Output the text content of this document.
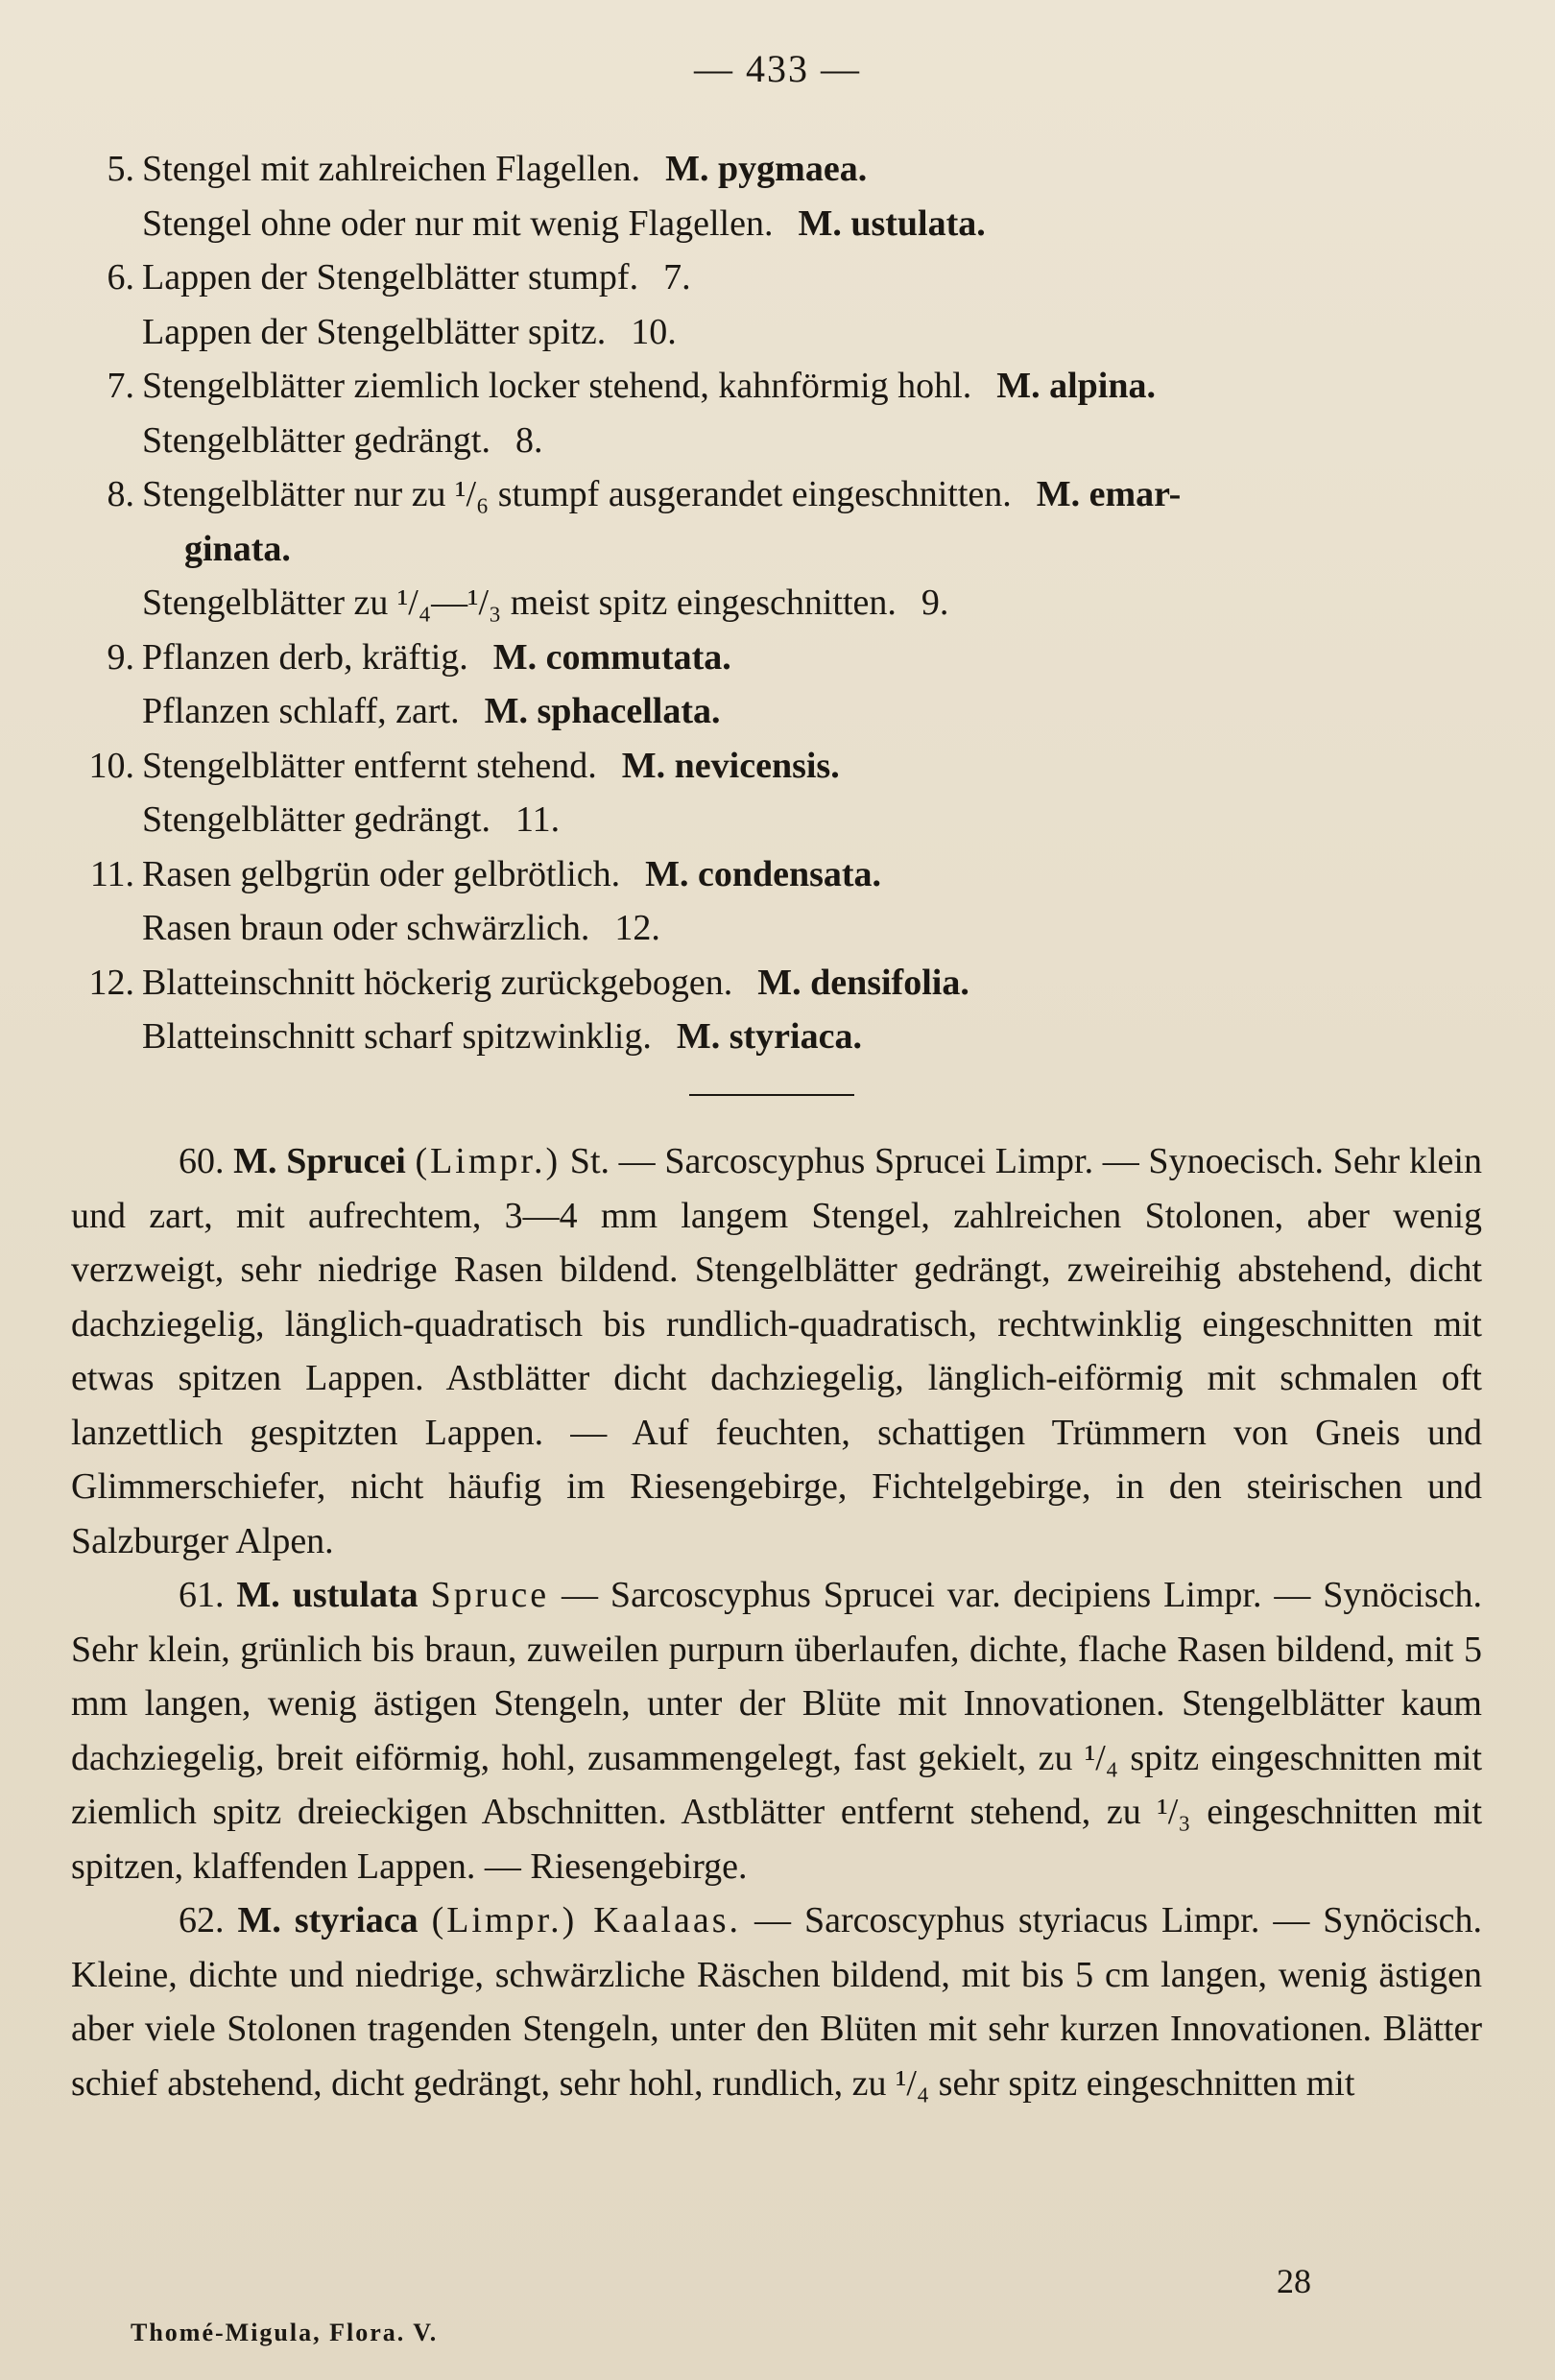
— 433 —
5. Stengel mit zahlreichen Flagellen. M. pygmaea.
Stengel ohne oder nur mit wenig Flagellen. M. ustulata.
6. Lappen der Stengelblätter stumpf. 7.
Lappen der Stengelblätter spitz. 10.
7. Stengelblätter ziemlich locker stehend, kahnförmig hohl. M. alpina.
Stengelblätter gedrängt. 8.
8. Stengelblätter nur zu ¹/₆ stumpf ausgerandet eingeschnitten. M. emar-
ginata.
Stengelblätter zu ¹/₄—¹/₃ meist spitz eingeschnitten. 9.
9. Pflanzen derb, kräftig. M. commutata.
Pflanzen schlaff, zart. M. sphacellata.
10. Stengelblätter entfernt stehend. M. nevicensis.
Stengelblätter gedrängt. 11.
11. Rasen gelbgrün oder gelbrötlich. M. condensata.
Rasen braun oder schwärzlich. 12.
12. Blatteinschnitt höckerig zurückgebogen. M. densifolia.
Blatteinschnitt scharf spitzwinklig. M. styriaca.

60. M. Sprucei (Limpr.) St. — Sarcoscyphus Sprucei Limpr. — Synoecisch. Sehr klein und zart, mit aufrechtem, 3—4 mm langem Stengel, zahlreichen Stolonen, aber wenig verzweigt, sehr niedrige Rasen bildend. Stengelblätter gedrängt, zweireihig abstehend, dicht dachziegelig, länglich-quadratisch bis rundlich-quadratisch, rechtwinklig eingeschnitten mit etwas spitzen Lappen. Astblätter dicht dachziegelig, länglich-eiförmig mit schmalen oft lanzettlich gespitzten Lappen. — Auf feuchten, schattigen Trümmern von Gneis und Glimmerschiefer, nicht häufig im Riesengebirge, Fichtelgebirge, in den steirischen und Salzburger Alpen.

61. M. ustulata Spruce — Sarcoscyphus Sprucei var. decipiens Limpr. — Synöcisch. Sehr klein, grünlich bis braun, zuweilen purpurn überlaufen, dichte, flache Rasen bildend, mit 5 mm langen, wenig ästigen Stengeln, unter der Blüte mit Innovationen. Stengelblätter kaum dachziegelig, breit eiförmig, hohl, zusammengelegt, fast gekielt, zu ¹/₄ spitz eingeschnitten mit ziemlich spitz dreieckigen Abschnitten. Astblätter entfernt stehend, zu ¹/₃ eingeschnitten mit spitzen, klaffenden Lappen. — Riesengebirge.

62. M. styriaca (Limpr.) Kaalaas. — Sarcoscyphus styriacus Limpr. — Synöcisch. Kleine, dichte und niedrige, schwärzliche Räschen bildend, mit bis 5 cm langen, wenig ästigen aber viele Stolonen tragenden Stengeln, unter den Blüten mit sehr kurzen Innovationen. Blätter schief abstehend, dicht gedrängt, sehr hohl, rundlich, zu ¹/₄ sehr spitz eingeschnitten mit

28
Thomé-Migula, Flora. V.
